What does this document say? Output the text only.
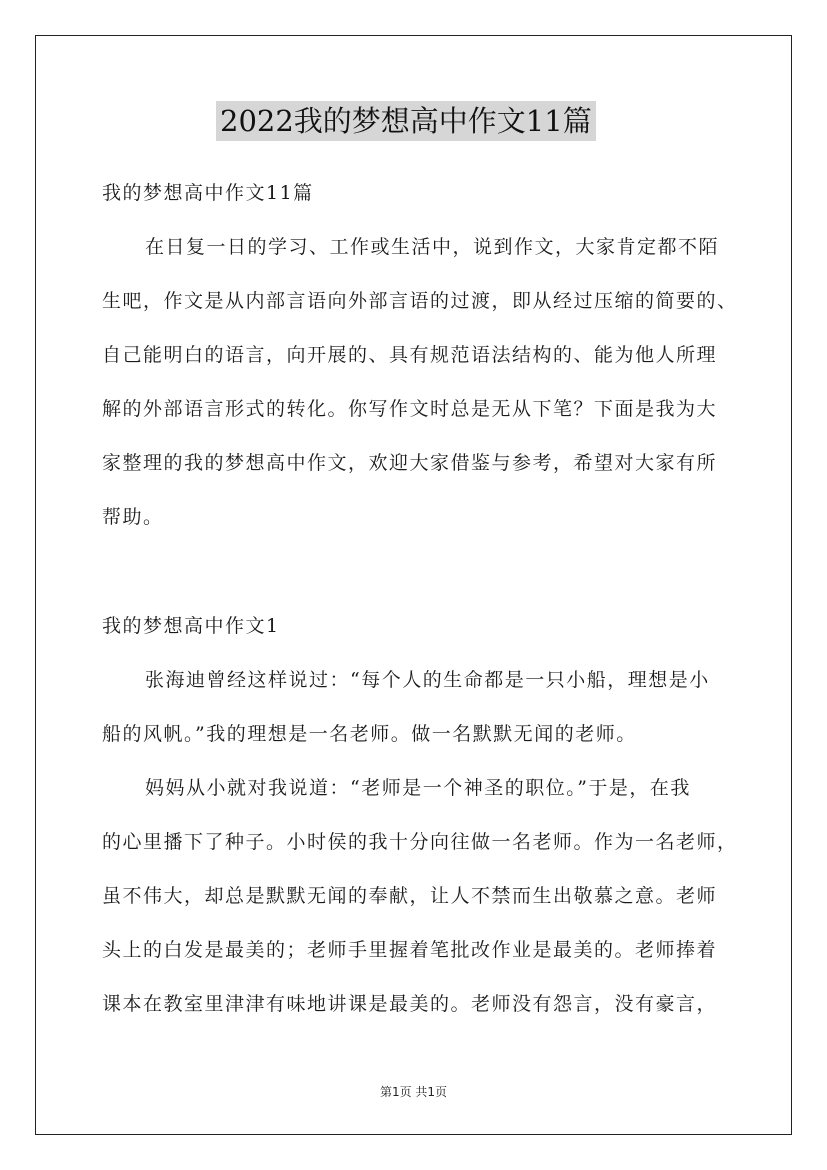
2022我的梦想高中作文11篇
我的梦想高中作文11篇
在日复一日的学习、工作或生活中，说到作文，大家肯定都不陌
生吧，作文是从内部言语向外部言语的过渡，即从经过压缩的简要的、
自己能明白的语言，向开展的、具有规范语法结构的、能为他人所理
解的外部语言形式的转化。你写作文时总是无从下笔？下面是我为大
家整理的我的梦想高中作文，欢迎大家借鉴与参考，希望对大家有所
帮助。
我的梦想高中作文1
张海迪曾经这样说过：“每个人的生命都是一只小船，理想是小
船的风帆。”我的理想是一名老师。做一名默默无闻的老师。
妈妈从小就对我说道：“老师是一个神圣的职位。”于是，在我
的心里播下了种子。小时侯的我十分向往做一名老师。作为一名老师，
虽不伟大，却总是默默无闻的奉献，让人不禁而生出敬慕之意。老师
头上的白发是最美的；老师手里握着笔批改作业是最美的。老师捧着
课本在教室里津津有味地讲课是最美的。老师没有怨言，没有豪言，
第1页 共1页
